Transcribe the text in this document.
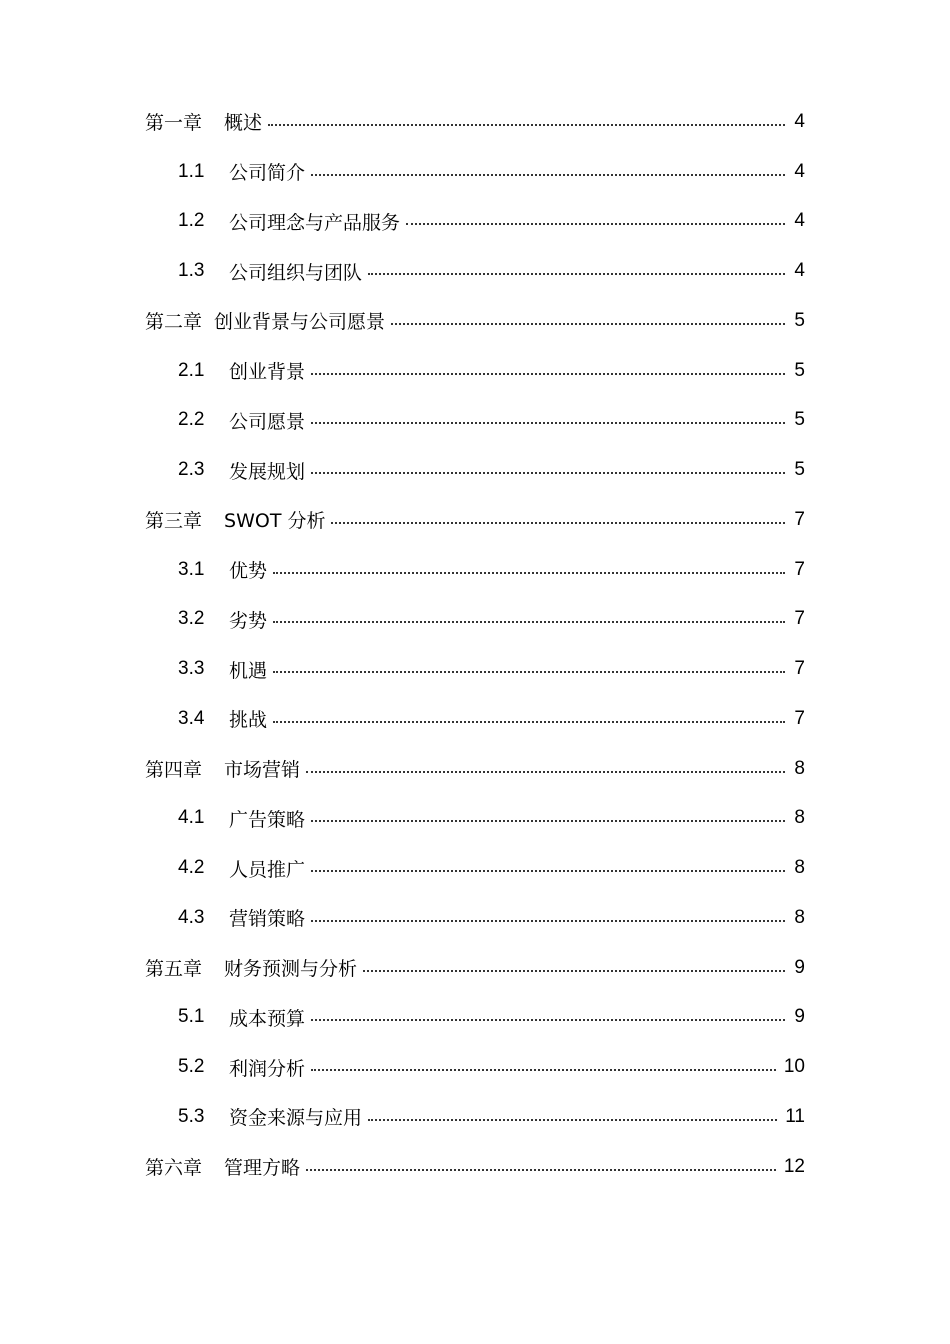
第一章 概述	4
1.1	公司简介	4
1.2	公司理念与产品服务	4
1.3	公司组织与团队	4
第二章 创业背景与公司愿景	5
2.1	创业背景	5
2.2	公司愿景	5
2.3	发展规划	5
第三章 SWOT 分析	7
3.1	优势	7
3.2	劣势	7
3.3	机遇	7
3.4	挑战	7
第四章 市场营销	8
4.1	广告策略	8
4.2	人员推广	8
4.3	营销策略	8
第五章 财务预测与分析	9
5.1	成本预算	9
5.2	利润分析	10
5.3	资金来源与应用	11
第六章 管理方略	12
